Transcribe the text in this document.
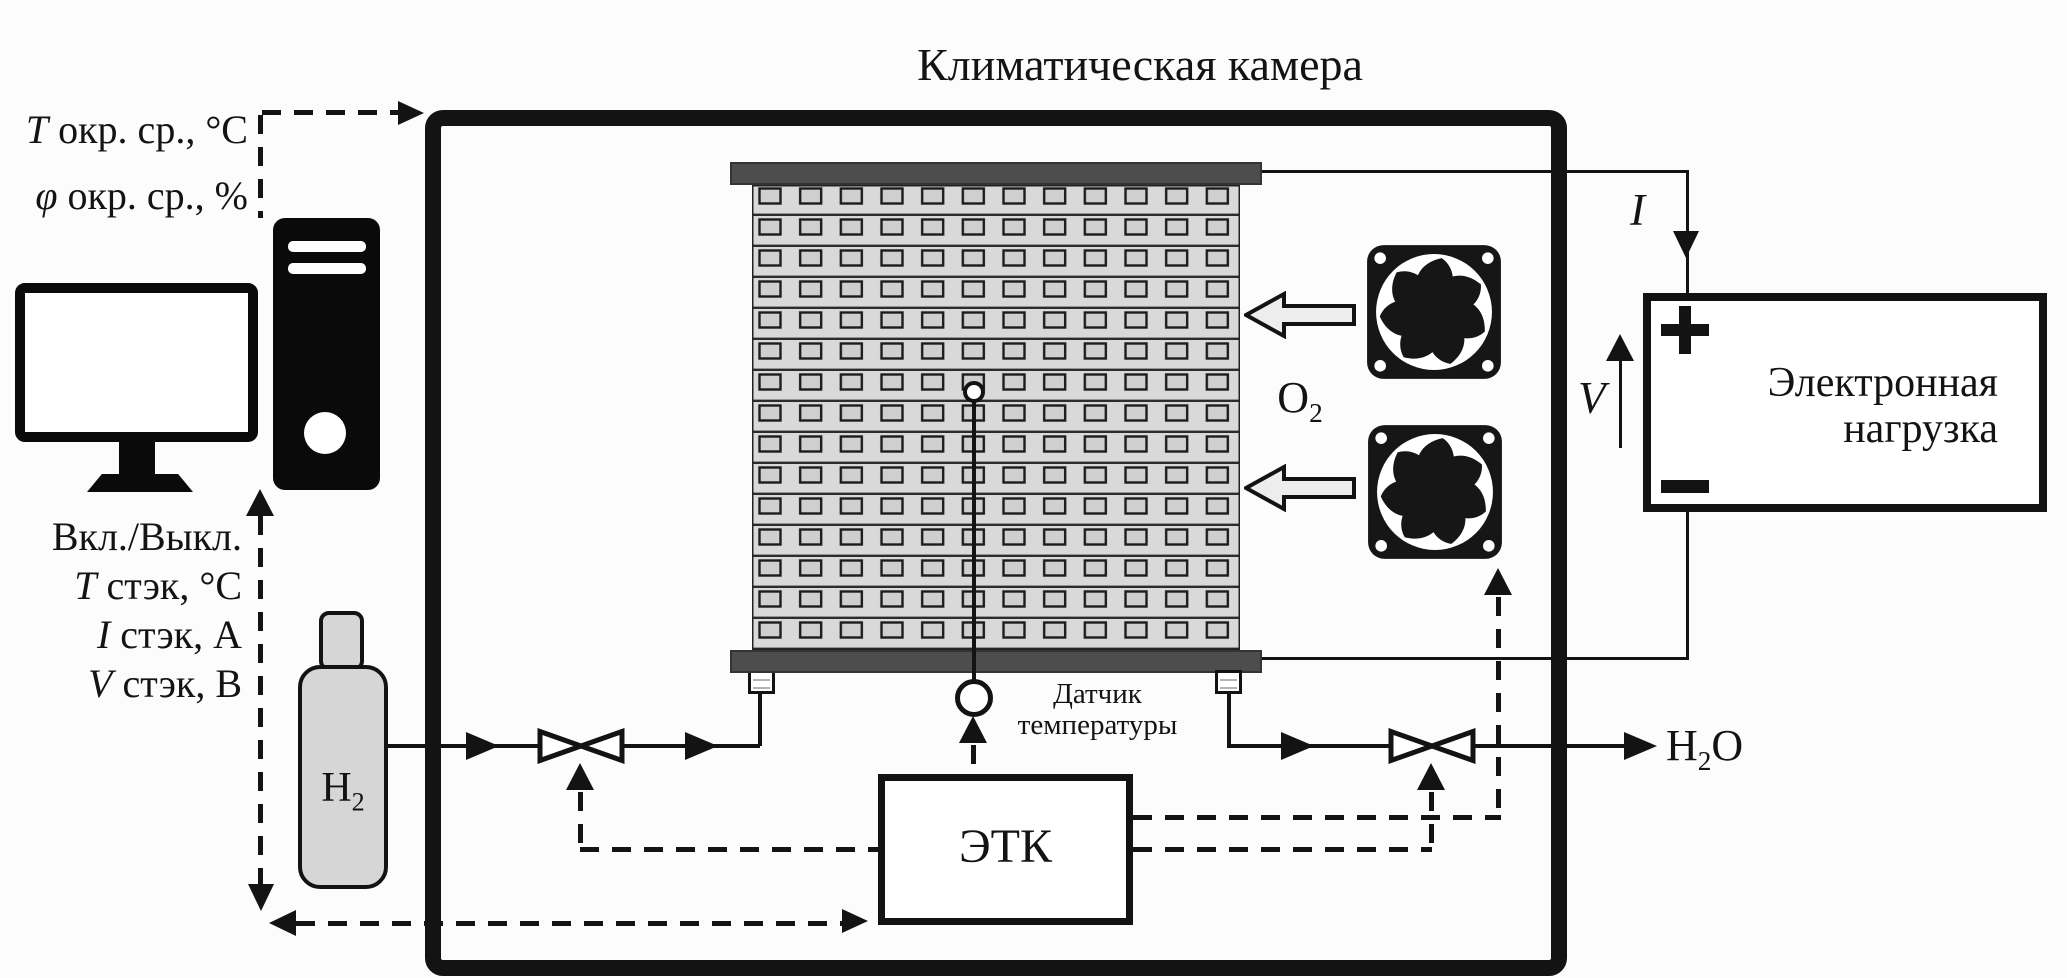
Климатическая камера
T окр. ср., °C
φ окр. ср., %
Вкл./Выкл.
T стэк, °C
I стэк, А
V стэк, В
$H_2$
Датчик
температуры	$H_2O$
ЭТК
$O_2$
I
V	Электронная
нагрузка
